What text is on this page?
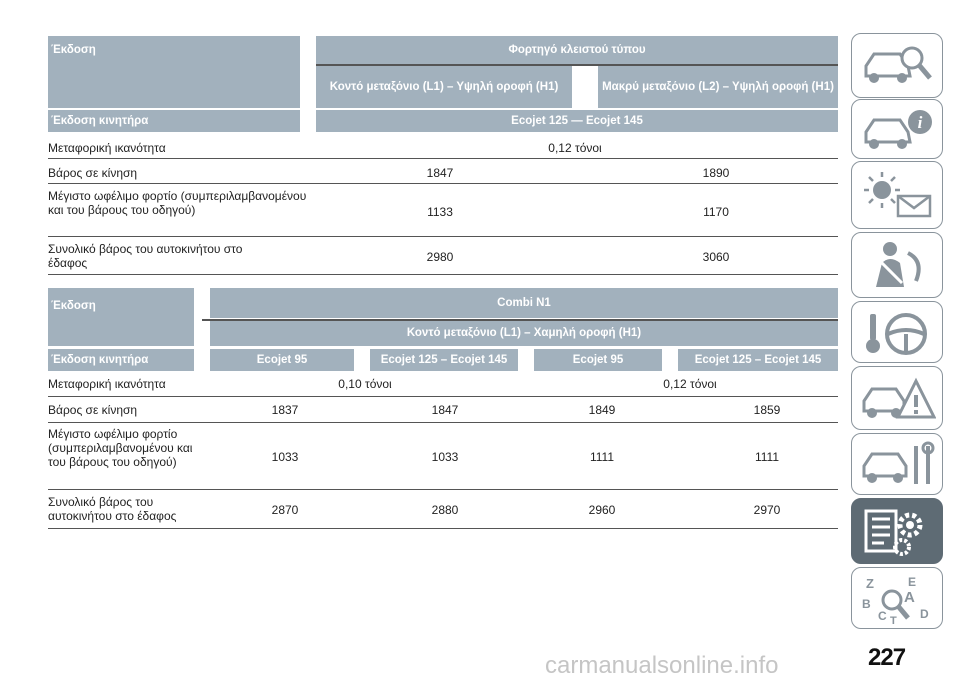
Έκδοση	Φορτηγό κλειστού τύπου
Κοντό μεταξόνιο (L1) – Υψηλή οροφή (H1)	Μακρύ μεταξόνιο (L2) – Υψηλή οροφή (H1)
Έκδοση κινητήρα	Ecojet 125 — Ecojet 145
Μεταφορική ικανότητα	0,12 τόνοι
Βάρος σε κίνηση	1847	1890
Μέγιστο ωφέλιμο φορτίο (συμπεριλαμβανομένου και του βάρους του οδηγού)	1133	1170
Συνολικό βάρος του αυτοκινήτου στο έδαφος	2980	3060
Έκδοση	Combi N1
Κοντό μεταξόνιο (L1) – Χαμηλή οροφή (H1)
Έκδοση κινητήρα	Ecojet 95	Ecojet 125 – Ecojet 145	Ecojet 95	Ecojet 125 – Ecojet 145
Μεταφορική ικανότητα	0,10 τόνοι	0,12 τόνοι
Βάρος σε κίνηση	1837	1847	1849	1859
Μέγιστο ωφέλιμο φορτίο (συμπεριλαμβανομένου και του βάρους του οδηγού)	1033	1033	1111	1111
Συνολικό βάρος του αυτοκινήτου στο έδαφος	2870	2880	2960	2970
i
Z	E
A
B
C T D
carmanualsonline.info	227
